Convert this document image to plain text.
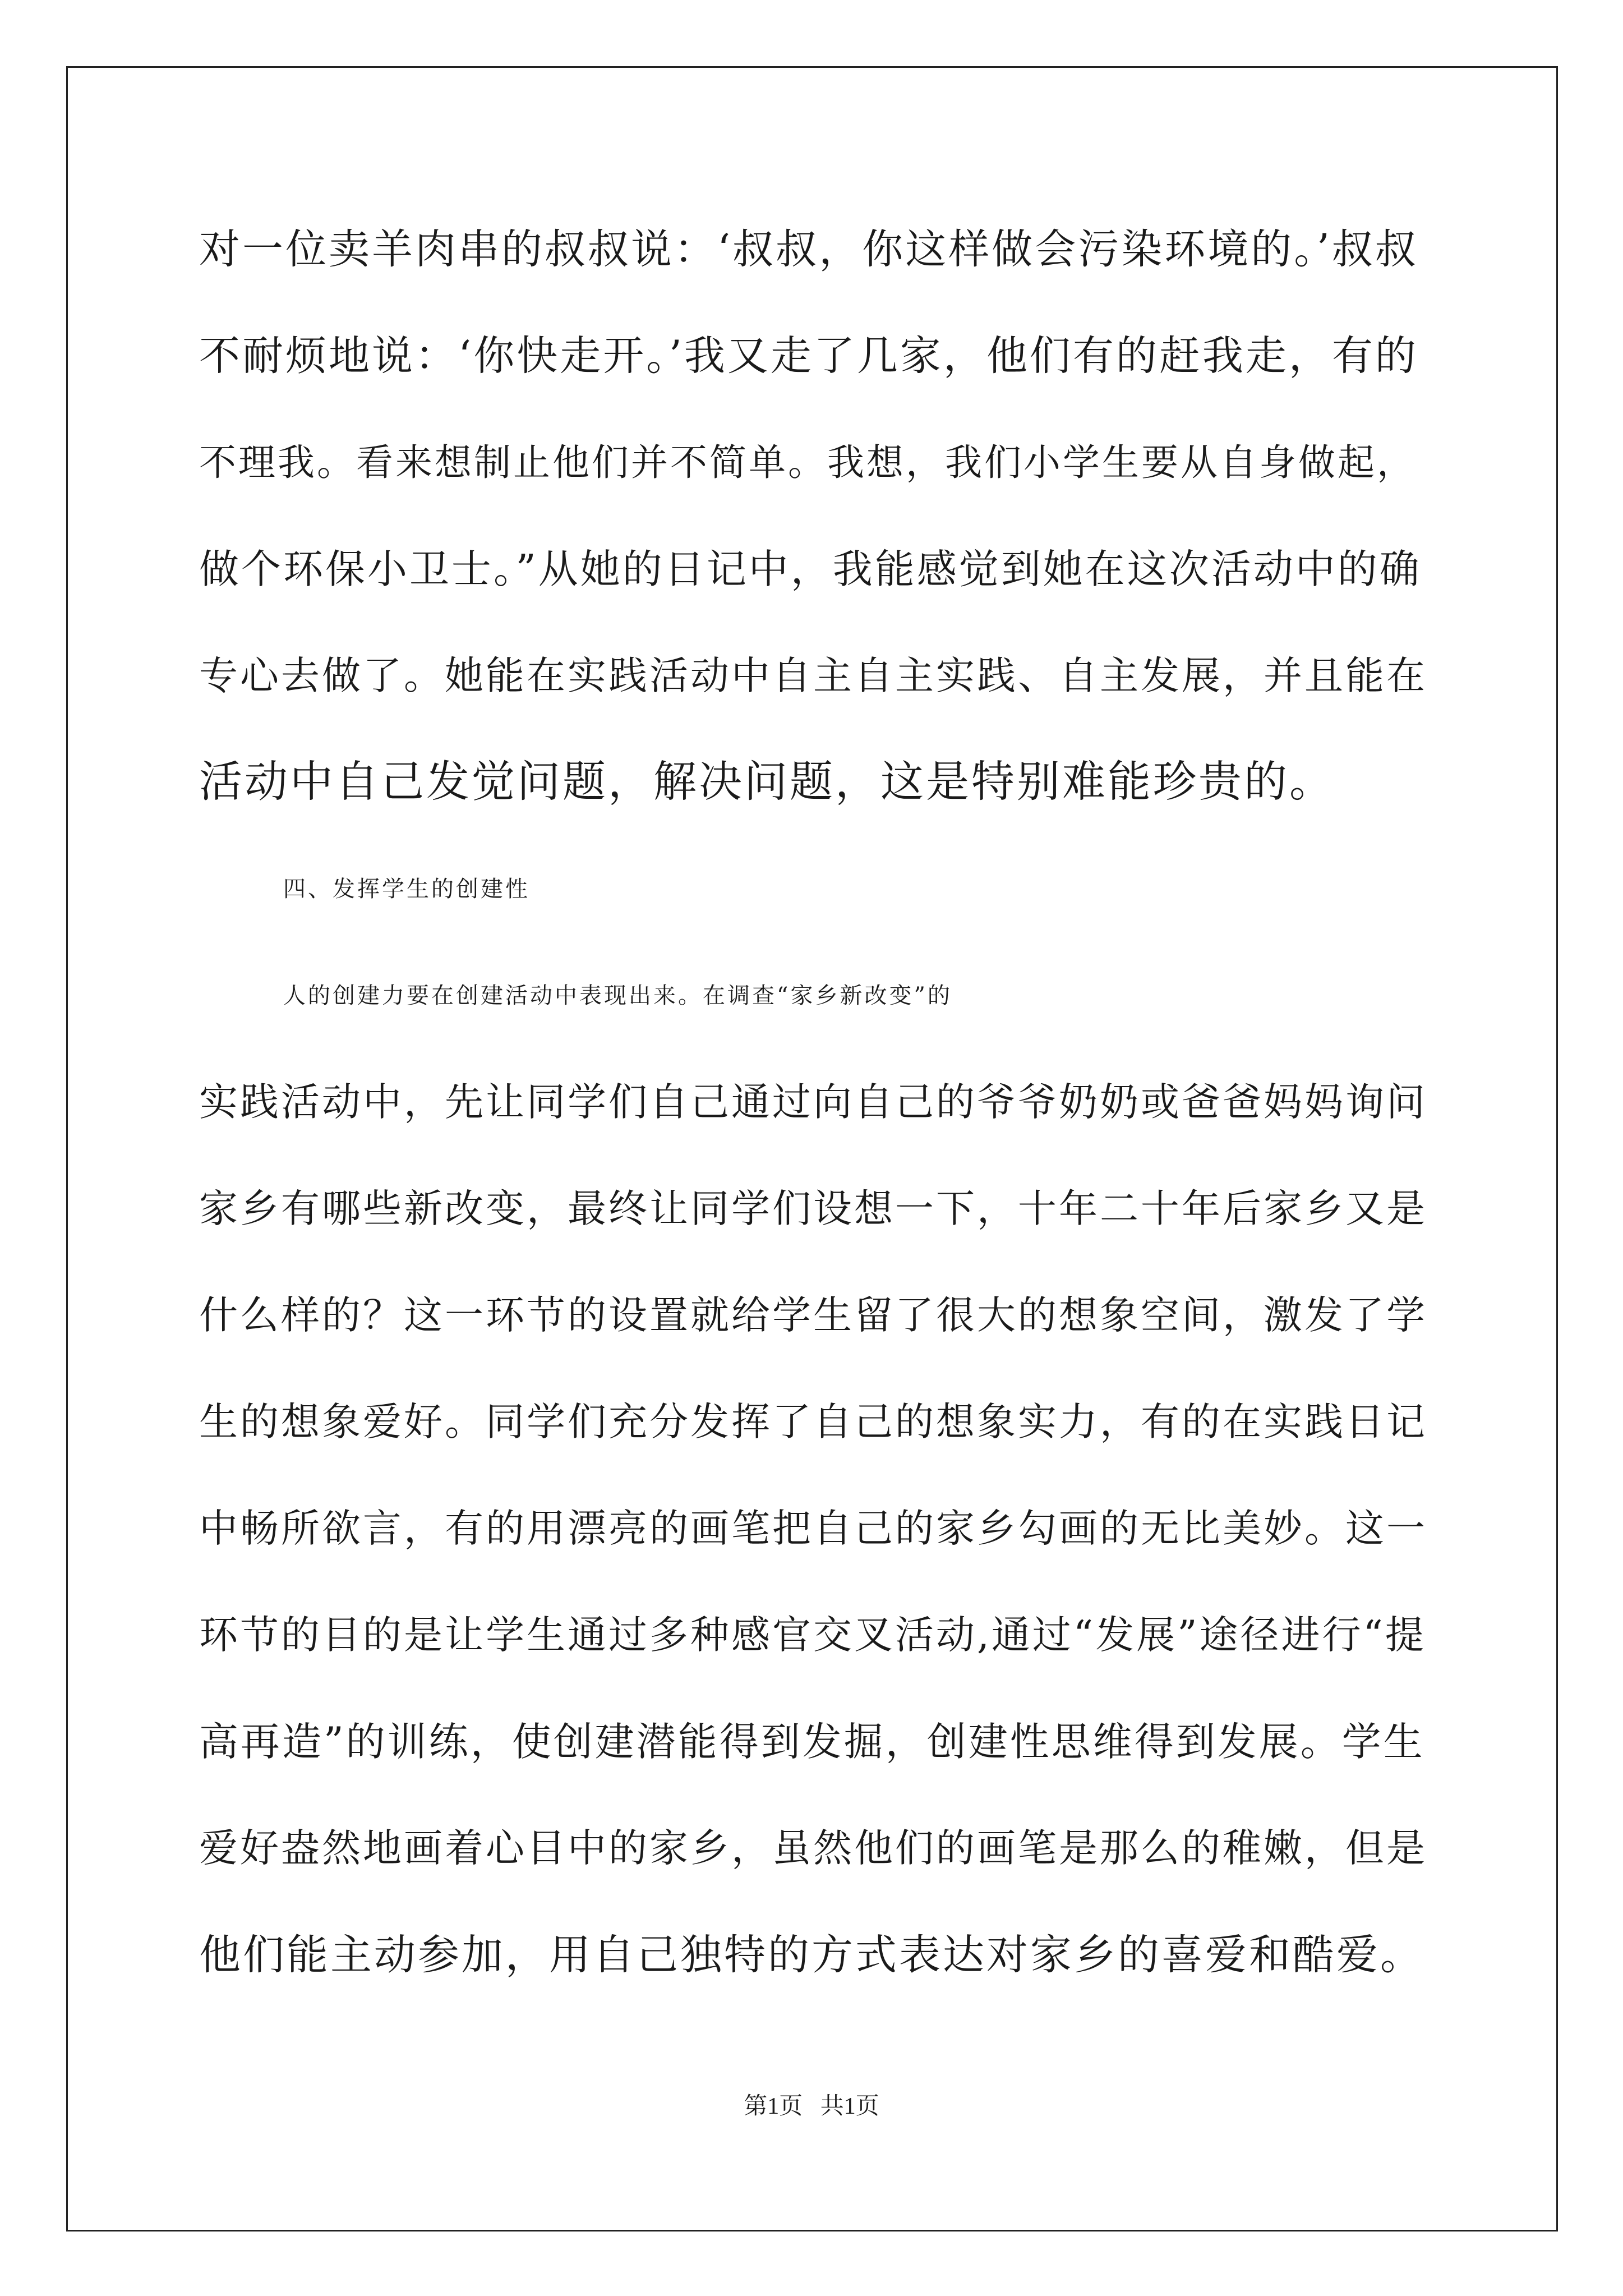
对一位卖羊肉串的叔叔说：‘叔叔，你这样做会污染环境的。’叔叔
不耐烦地说：‘你快走开。’我又走了几家，他们有的赶我走，有的
不理我。看来想制止他们并不简单。我想，我们小学生要从自身做起，
做个环保小卫士。”从她的日记中，我能感觉到她在这次活动中的确
专心去做了。她能在实践活动中自主自主实践、自主发展，并且能在
活动中自己发觉问题，解决问题，这是特别难能珍贵的。
四、发挥学生的创建性
人的创建力要在创建活动中表现出来。在调查“家乡新改变”的
实践活动中，先让同学们自己通过向自己的爷爷奶奶或爸爸妈妈询问
家乡有哪些新改变，最终让同学们设想一下，十年二十年后家乡又是
什么样的？这一环节的设置就给学生留了很大的想象空间，激发了学
生的想象爱好。同学们充分发挥了自己的想象实力，有的在实践日记
中畅所欲言，有的用漂亮的画笔把自己的家乡勾画的无比美妙。这一
环节的目的是让学生通过多种感官交叉活动,通过“发展”途径进行“提
高再造”的训练，使创建潜能得到发掘，创建性思维得到发展。学生
爱好盎然地画着心目中的家乡，虽然他们的画笔是那么的稚嫩，但是
他们能主动参加，用自己独特的方式表达对家乡的喜爱和酷爱。
第1页   共1页
